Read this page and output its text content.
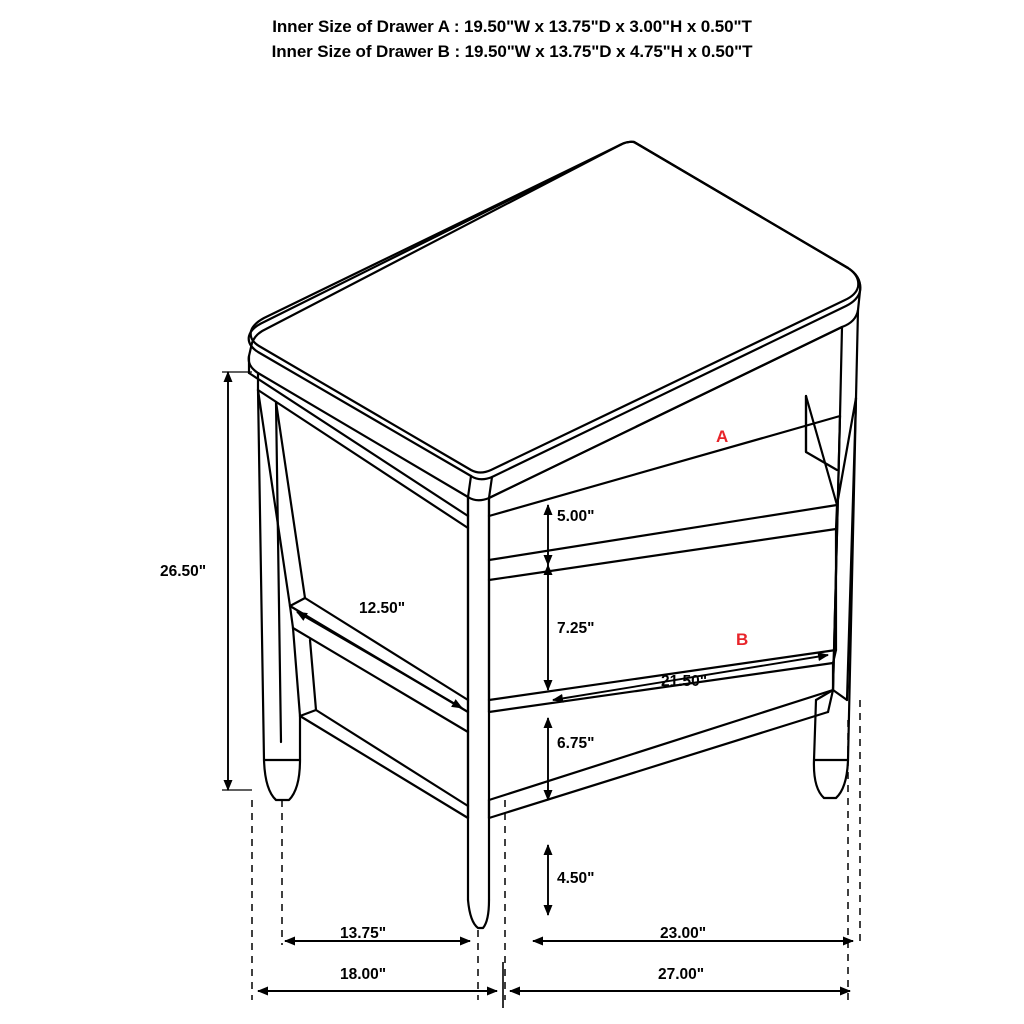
Inner Size of Drawer A : 19.50"W x 13.75"D x 3.00"H x 0.50"T
Inner Size of Drawer B : 19.50"W x 13.75"D x 4.75"H x 0.50"T
A
B
26.50"
12.50"
5.00"
7.25"
6.75"
21.50"
4.50"
13.75"	23.00"
18.00"	27.00"
